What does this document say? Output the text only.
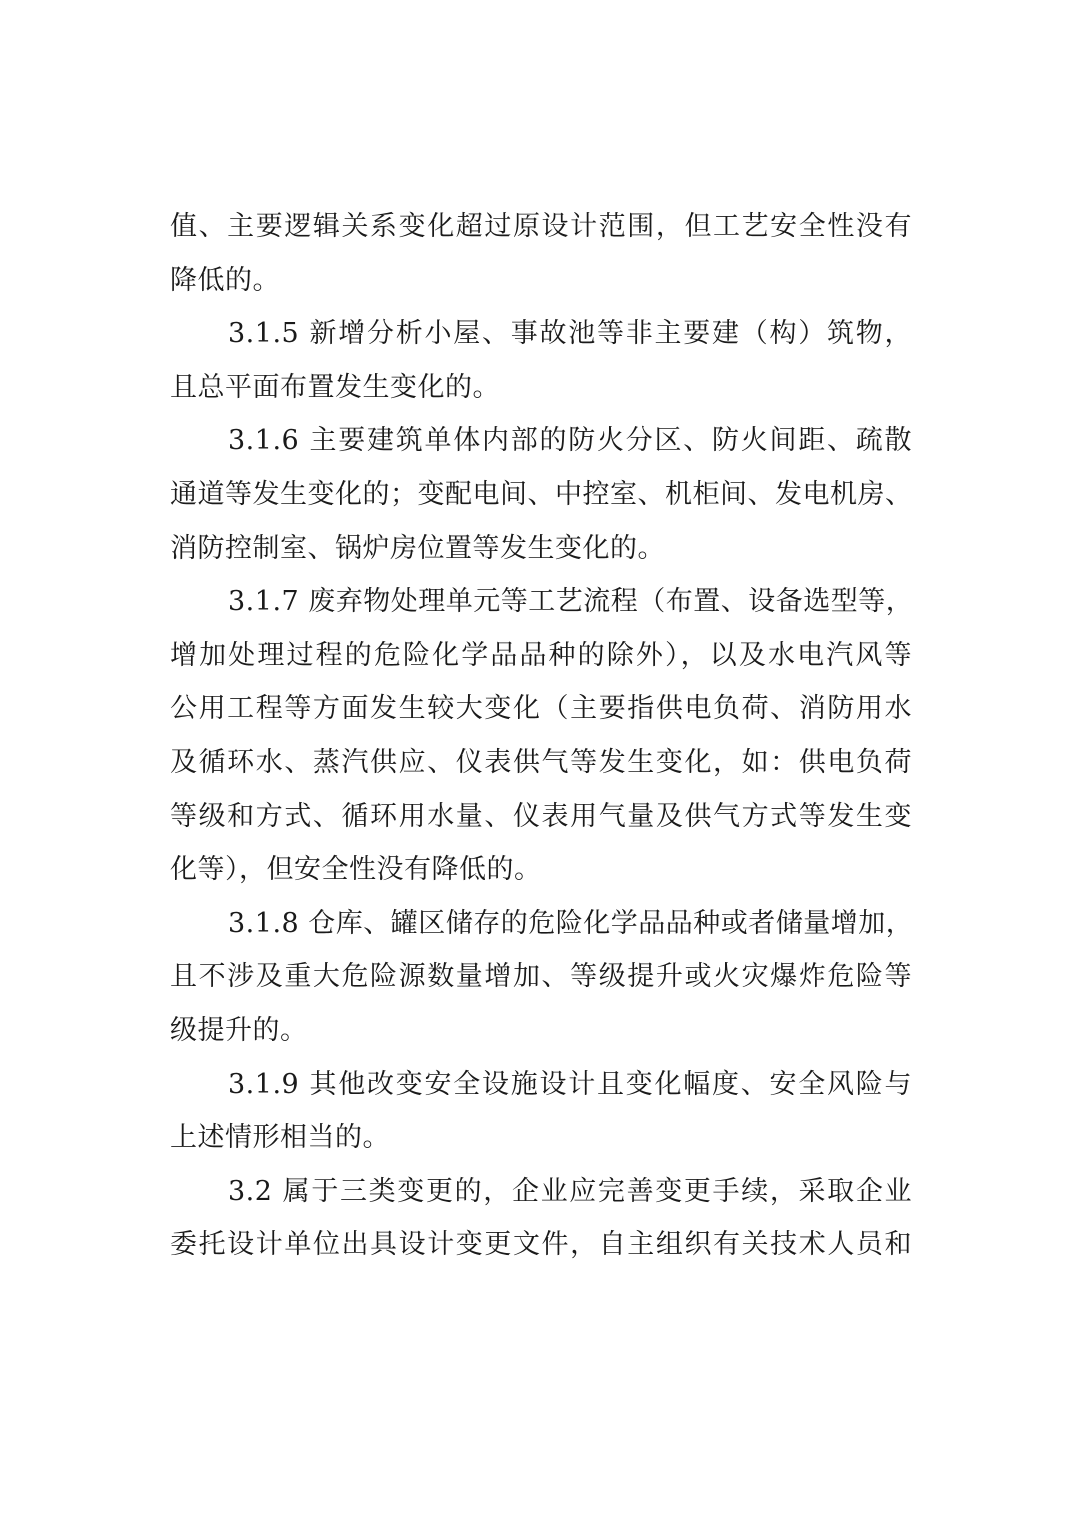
值、主要逻辑关系变化超过原设计范围，但工艺安全性没有
降低的。
3.1.5 新增分析小屋、事故池等非主要建（构）筑物，
且总平面布置发生变化的。
3.1.6 主要建筑单体内部的防火分区、防火间距、疏散
通道等发生变化的；变配电间、中控室、机柜间、发电机房、
消防控制室、锅炉房位置等发生变化的。
3.1.7 废弃物处理单元等工艺流程（布置、设备选型等，
增加处理过程的危险化学品品种的除外），以及水电汽风等
公用工程等方面发生较大变化（主要指供电负荷、消防用水
及循环水、蒸汽供应、仪表供气等发生变化，如：供电负荷
等级和方式、循环用水量、仪表用气量及供气方式等发生变
化等），但安全性没有降低的。
3.1.8 仓库、罐区储存的危险化学品品种或者储量增加，
且不涉及重大危险源数量增加、等级提升或火灾爆炸危险等
级提升的。
3.1.9 其他改变安全设施设计且变化幅度、安全风险与
上述情形相当的。
3.2 属于三类变更的，企业应完善变更手续，采取企业
委托设计单位出具设计变更文件，自主组织有关技术人员和
